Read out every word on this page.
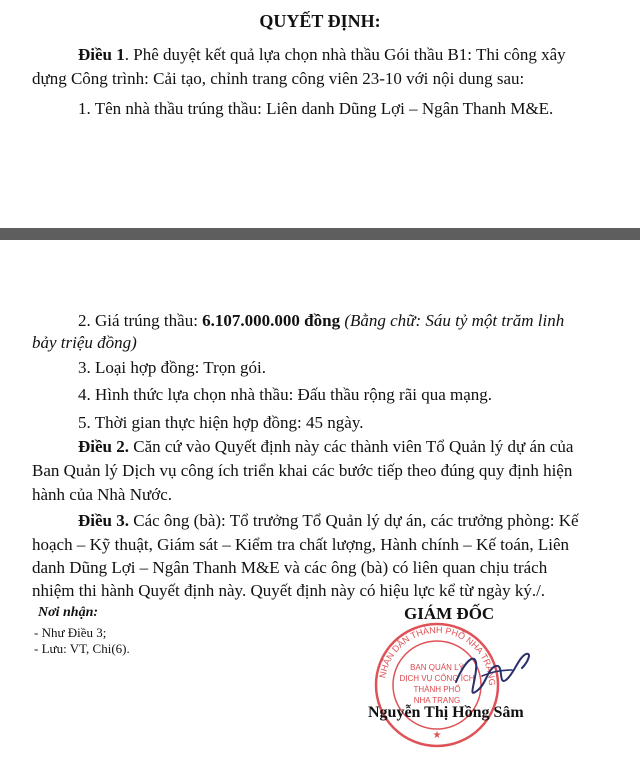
QUYẾT ĐỊNH:
Điều 1. Phê duyệt kết quả lựa chọn nhà thầu Gói thầu B1: Thi công xây
dựng Công trình: Cải tạo, chỉnh trang công viên 23-10 với nội dung sau:
1. Tên nhà thầu trúng thầu: Liên danh Dũng Lợi – Ngân Thanh M&E.
2. Giá trúng thầu: 6.107.000.000 đồng (Bằng chữ: Sáu tỷ một trăm linh
bảy triệu đồng)
3. Loại hợp đồng: Trọn gói.
4. Hình thức lựa chọn nhà thầu: Đấu thầu rộng rãi qua mạng.
5. Thời gian thực hiện hợp đồng: 45 ngày.
Điều 2. Căn cứ vào Quyết định này các thành viên Tổ Quản lý dự án của
Ban Quản lý Dịch vụ công ích triển khai các bước tiếp theo đúng quy định hiện
hành của Nhà Nước.
Điều 3. Các ông (bà): Tổ trưởng Tổ Quản lý dự án, các trưởng phòng: Kế
hoạch – Kỹ thuật, Giám sát – Kiểm tra chất lượng, Hành chính – Kế toán, Liên
danh Dũng Lợi – Ngân Thanh M&E và các ông (bà) có liên quan chịu trách
nhiệm thi hành Quyết định này. Quyết định này có hiệu lực kể từ ngày ký./.
Nơi nhận:
- Như Điều 3;
- Lưu: VT, Chi(6).
GIÁM ĐỐC
NHÂN DÂN THÀNH PHỐ NHA TRANG
BAN QUẢN LÝ
DỊCH VỤ CÔNG ÍCH
THÀNH PHỐ
NHA TRANG
★
Nguyễn Thị Hồng Sâm
